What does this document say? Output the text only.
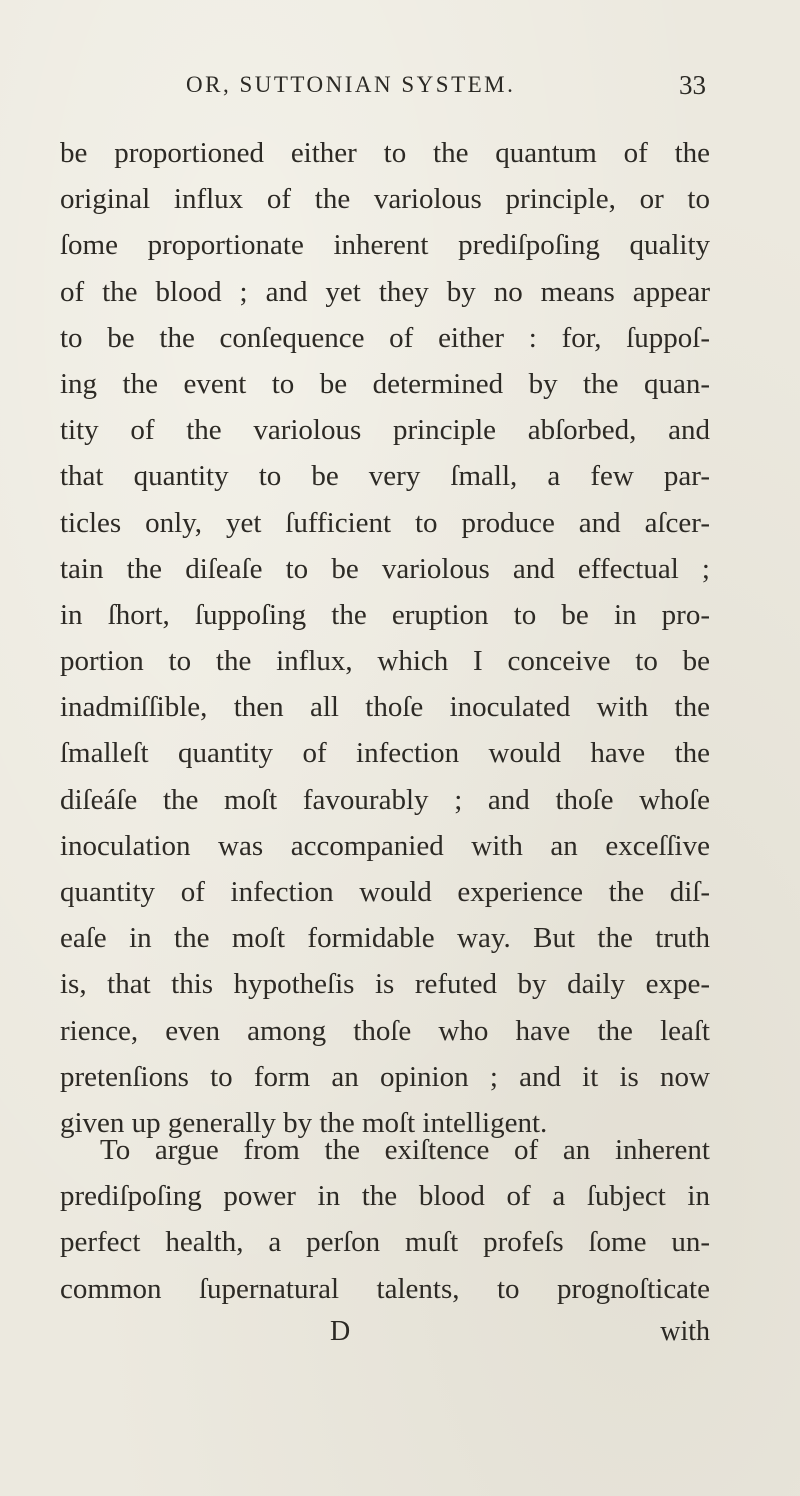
OR, SUTTONIAN SYSTEM.	33
be proportioned either to the quantum of the
original influx of the variolous principle, or to
ſome proportionate inherent prediſpoſing quality
of the blood ; and yet they by no means appear
to be the conſequence of either : for, ſuppoſ-
ing the event to be determined by the quan-
tity of the variolous principle abſorbed, and
that quantity to be very ſmall, a few par-
ticles only, yet ſufficient to produce and aſcer-
tain the diſeaſe to be variolous and effectual ;
in ſhort, ſuppoſing the eruption to be in pro-
portion to the influx, which I conceive to be
inadmiſſible, then all thoſe inoculated with the
ſmalleſt quantity of infection would have the
diſeáſe the moſt favourably ; and thoſe whoſe
inoculation was accompanied with an exceſſive
quantity of infection would experience the diſ-
eaſe in the moſt formidable way. But the truth
is, that this hypotheſis is refuted by daily expe-
rience, even among thoſe who have the leaſt
pretenſions to form an opinion ; and it is now
given up generally by the moſt intelligent.
To argue from the exiſtence of an inherent
prediſpoſing power in the blood of a ſubject in
perfect health, a perſon muſt profeſs ſome un-
common ſupernatural talents, to prognoſticate
D	with
